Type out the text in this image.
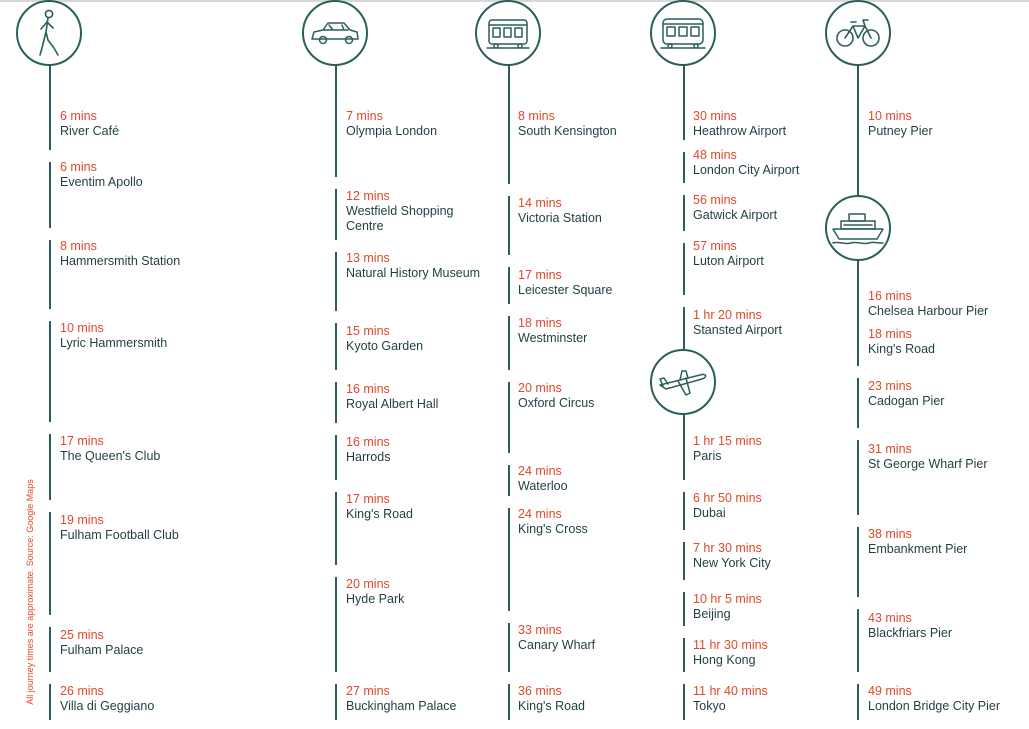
6 mins
River Café
6 mins
Eventim Apollo
8 mins
Hammersmith Station
10 mins
Lyric Hammersmith
17 mins
The Queen's Club
19 mins
Fulham Football Club
25 mins
Fulham Palace
26 mins
Villa di Geggiano
7 mins
Olympia London
12 mins
Westfield Shopping
Centre
13 mins
Natural History Museum
15 mins
Kyoto Garden
16 mins
Royal Albert Hall
16 mins
Harrods
17 mins
King's Road
20 mins
Hyde Park
27 mins
Buckingham Palace
8 mins
South Kensington
14 mins
Victoria Station
17 mins
Leicester Square
18 mins
Westminster
20 mins
Oxford Circus
24 mins
Waterloo
24 mins
King's Cross
33 mins
Canary Wharf
36 mins
King's Road
30 mins
Heathrow Airport
48 mins
London City Airport
56 mins
Gatwick Airport
57 mins
Luton Airport
1 hr 20 mins
Stansted Airport
1 hr 15 mins
Paris
6 hr 50 mins
Dubai
7 hr 30 mins
New York City
10 hr 5 mins
Beijing
11 hr 30 mins
Hong Kong
11 hr 40 mins
Tokyo
10 mins
Putney Pier
16 mins
Chelsea Harbour Pier
18 mins
King's Road
23 mins
Cadogan Pier
31 mins
St George Wharf Pier
38 mins
Embankment Pier
43 mins
Blackfriars Pier
49 mins
London Bridge City Pier
All journey times are approximate. Source: Google Maps
